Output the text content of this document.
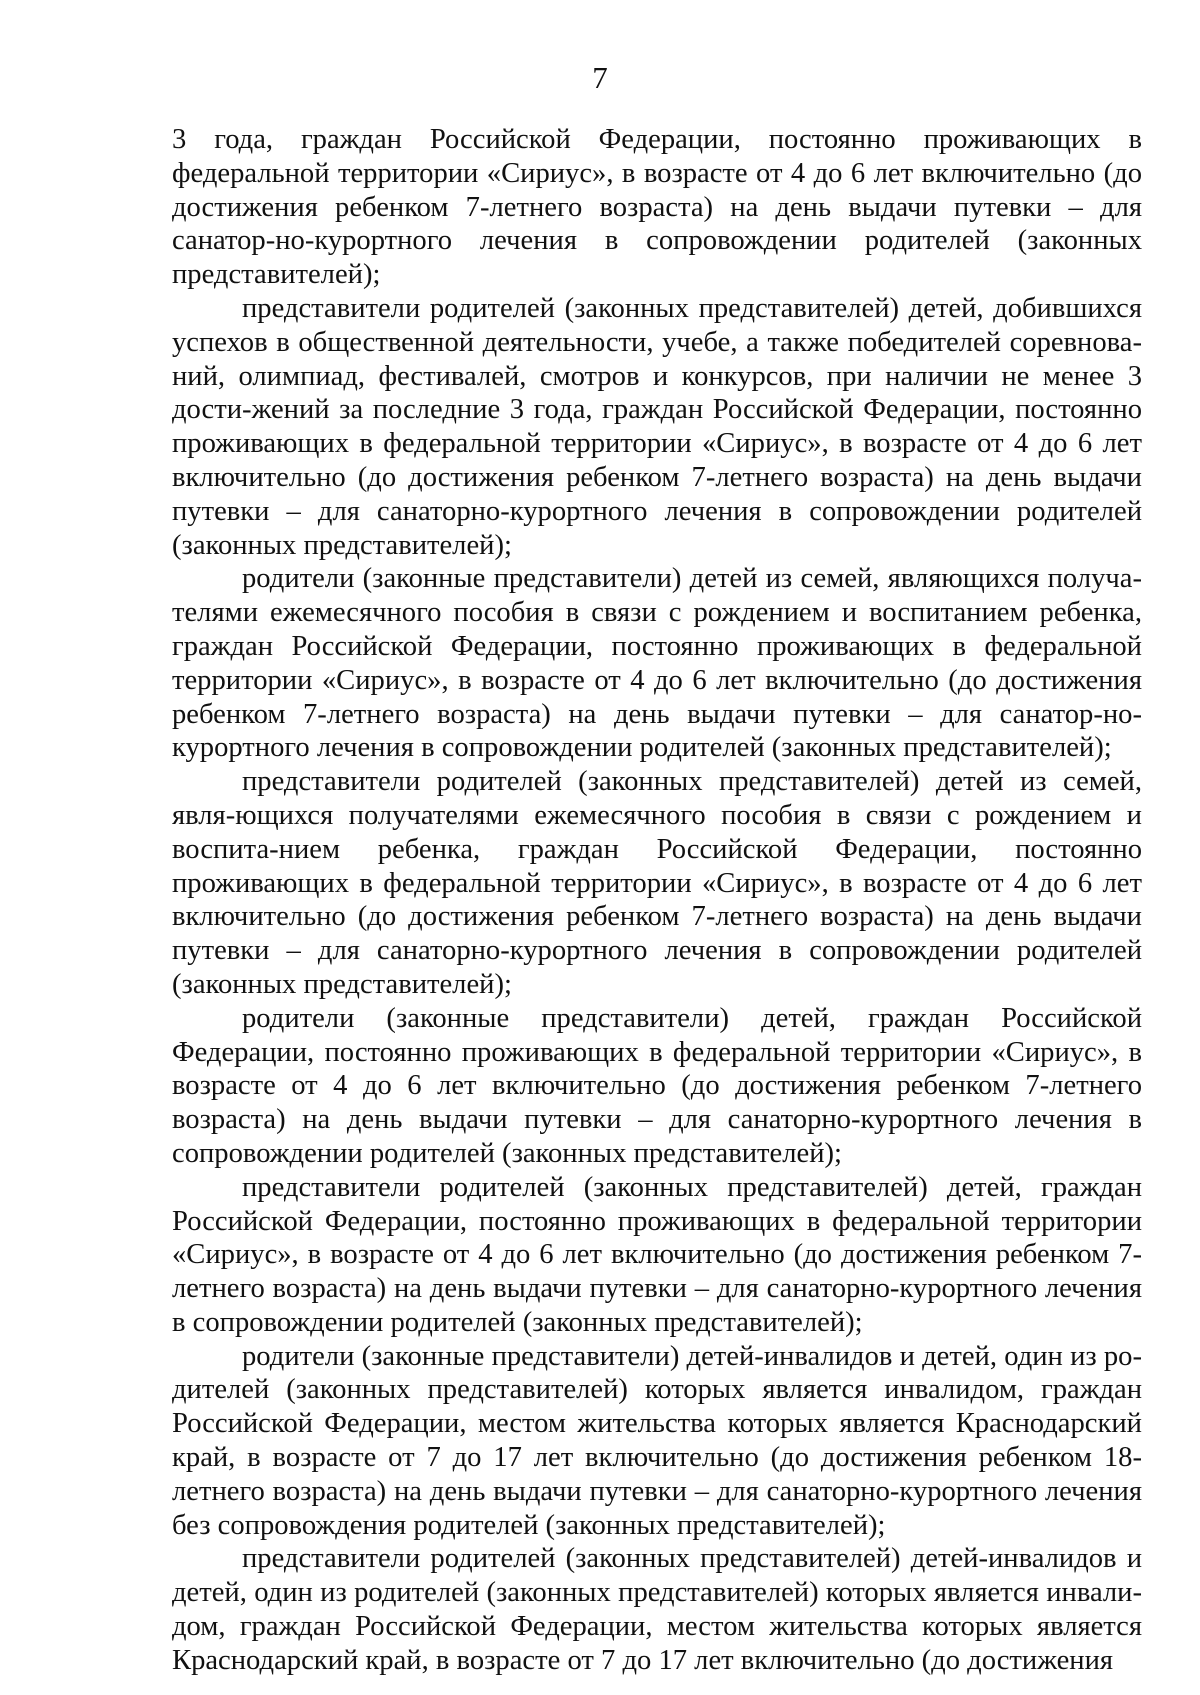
7

3 года, граждан Российской Федерации, постоянно проживающих в федеральной территории «Сириус», в возрасте от 4 до 6 лет включительно (до достижения ребенком 7-летнего возраста) на день выдачи путевки – для санатор-но-курортного лечения в сопровождении родителей (законных представителей);

представители родителей (законных представителей) детей, добившихся успехов в общественной деятельности, учебе, а также победителей соревнова-ний, олимпиад, фестивалей, смотров и конкурсов, при наличии не менее 3 дости-жений за последние 3 года, граждан Российской Федерации, постоянно проживающих в федеральной территории «Сириус», в возрасте от 4 до 6 лет включительно (до достижения ребенком 7-летнего возраста) на день выдачи путевки – для санаторно-курортного лечения в сопровождении родителей (законных представителей);

родители (законные представители) детей из семей, являющихся получа-телями ежемесячного пособия в связи с рождением и воспитанием ребенка, граждан Российской Федерации, постоянно проживающих в федеральной территории «Сириус», в возрасте от 4 до 6 лет включительно (до достижения ребенком 7-летнего возраста) на день выдачи путевки – для санатор-но-курортного лечения в сопровождении родителей (законных представителей);

представители родителей (законных представителей) детей из семей, явля-ющихся получателями ежемесячного пособия в связи с рождением и воспита-нием ребенка, граждан Российской Федерации, постоянно проживающих в федеральной территории «Сириус», в возрасте от 4 до 6 лет включительно (до достижения ребенком 7-летнего возраста) на день выдачи путевки – для санаторно-курортного лечения в сопровождении родителей (законных представителей);

родители (законные представители) детей, граждан Российской Федерации, постоянно проживающих в федеральной территории «Сириус», в возрасте от 4 до 6 лет включительно (до достижения ребенком 7-летнего возраста) на день выдачи путевки – для санаторно-курортного лечения в сопровождении родителей (законных представителей);

представители родителей (законных представителей) детей, граждан Российской Федерации, постоянно проживающих в федеральной территории «Сириус», в возрасте от 4 до 6 лет включительно (до достижения ребенком 7-летнего возраста) на день выдачи путевки – для санаторно-курортного лечения в сопровождении родителей (законных представителей);

родители (законные представители) детей-инвалидов и детей, один из ро-дителей (законных представителей) которых является инвалидом, граждан Российской Федерации, местом жительства которых является Краснодарский край, в возрасте от 7 до 17 лет включительно (до достижения ребенком 18-летнего возраста) на день выдачи путевки – для санаторно-курортного лечения без сопровождения родителей (законных представителей);

представители родителей (законных представителей) детей-инвалидов и детей, один из родителей (законных представителей) которых является инвали-дом, граждан Российской Федерации, местом жительства которых является Краснодарский край, в возрасте от 7 до 17 лет включительно (до достижения
